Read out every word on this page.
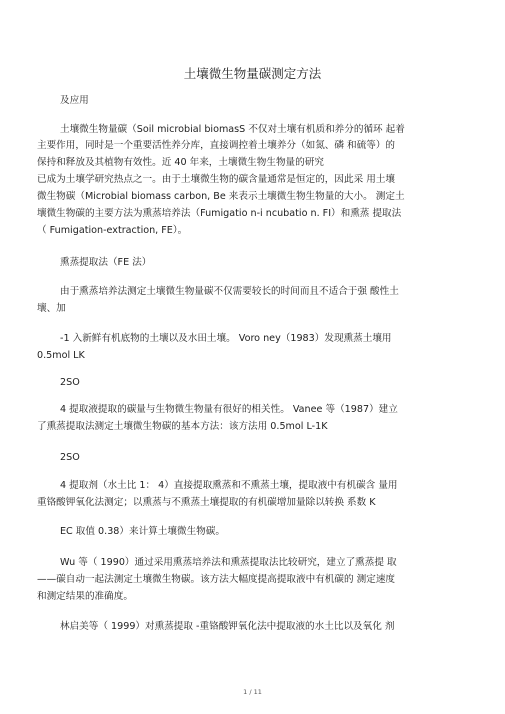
土壤微生物量碳测定方法
及应用
土壤微生物量碳（Soil microbial biomasS 不仅对土壤有机质和养分的循环 起着
主要作用，同时是一个重要活性养分库，直接调控着土壤养分（如氮、磷 和硫等）的
保持和释放及其植物有效性。近 40 年来，土壤微生物生物量的研究
已成为土壤学研究热点之一。由于土壤微生物的碳含量通常是恒定的，因此采 用土壤
微生物碳（Microbial biomass carbon, Be 来表示土壤微生物生物量的大小。 测定土
壤微生物碳的主要方法为熏蒸培养法（Fumigatio n-i ncubatio n. FI）和熏蒸 提取法
（ Fumigation-extraction, FE）。
熏蒸提取法（FE 法）
由于熏蒸培养法测定土壤微生物量碳不仅需要较长的时间而且不适合于强 酸性土
壤、加
-1 入新鲜有机底物的土壤以及水田土壤。 Voro ney（1983）发现熏蒸土壤用
0.5mol LK
2SO
4 提取液提取的碳量与生物微生物量有很好的相关性。 Vanee 等（1987）建立
了熏蒸提取法测定土壤微生物碳的基本方法：该方法用 0.5mol L-1K
2SO
4 提取剂（水土比 1： 4）直接提取熏蒸和不熏蒸土壤，提取液中有机碳含 量用
重铬酸钾氧化法测定；以熏蒸与不熏蒸土壤提取的有机碳增加量除以转换 系数 K
EC 取值 0.38）来计算土壤微生物碳。
Wu 等（ 1990）通过采用熏蒸培养法和熏蒸提取法比较研究，建立了熏蒸提 取
——碳自动一起法测定土壤微生物碳。该方法大幅度提高提取液中有机碳的 测定速度
和测定结果的准确度。
林启美等（ 1999）对熏蒸提取 -重铬酸钾氧化法中提取液的水土比以及氧化 剂
1 / 11
